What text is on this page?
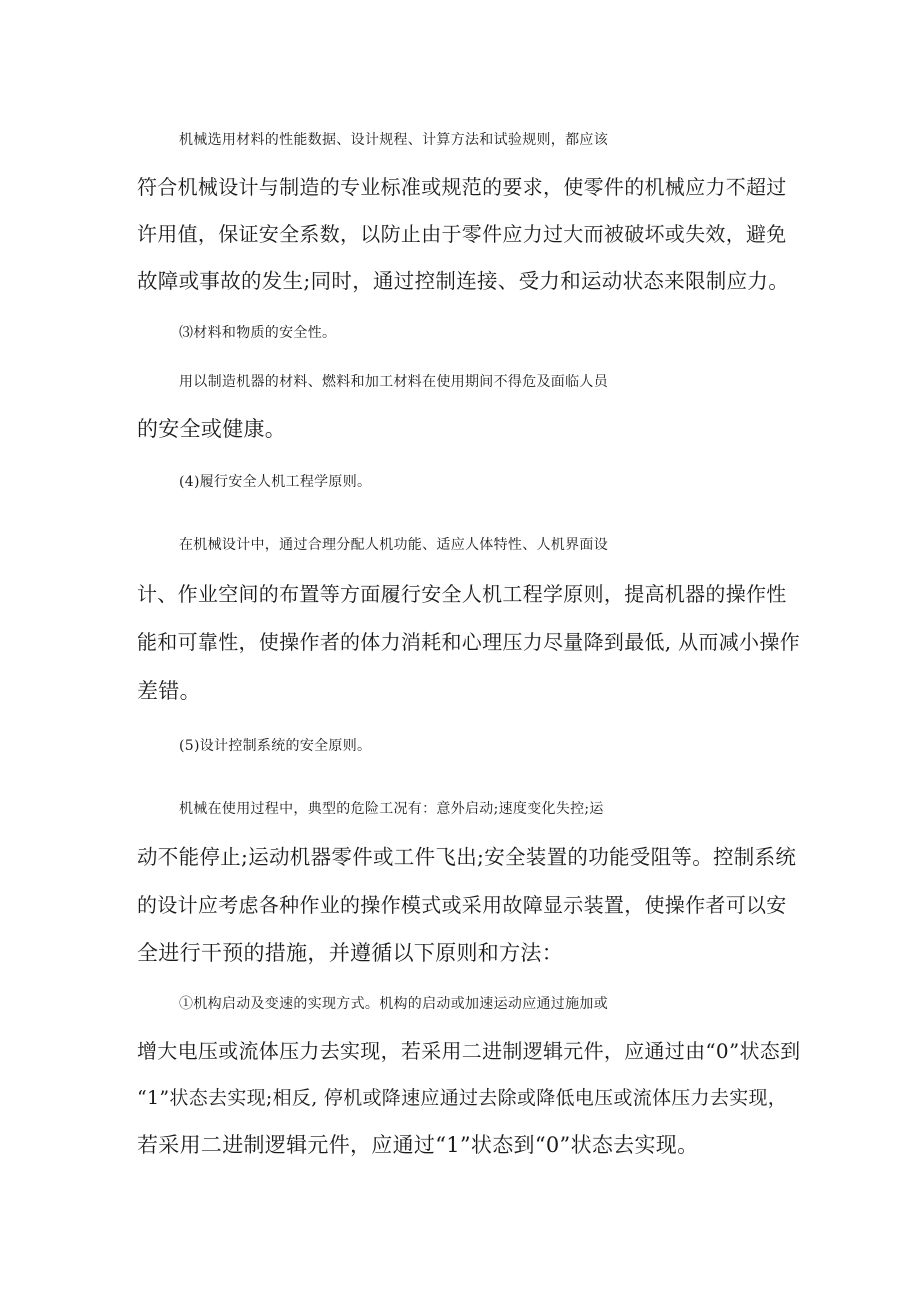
机械选用材料的性能数据、设计规程、计算方法和试验规则，都应该
符合机械设计与制造的专业标准或规范的要求，使零件的机械应力不超过
许用值，保证安全系数，以防止由于零件应力过大而被破坏或失效，避免
故障或事故的发生;同时，通过控制连接、受力和运动状态来限制应力。
⑶材料和物质的安全性。
用以制造机器的材料、燃料和加工材料在使用期间不得危及面临人员
的安全或健康。
(4)履行安全人机工程学原则。
在机械设计中，通过合理分配人机功能、适应人体特性、人机界面设
计、作业空间的布置等方面履行安全人机工程学原则，提高机器的操作性
能和可靠性，使操作者的体力消耗和心理压力尽量降到最低, 从而减小操作
差错。
(5)设计控制系统的安全原则。
机械在使用过程中，典型的危险工况有：意外启动;速度变化失控;运
动不能停止;运动机器零件或工件飞出;安全装置的功能受阻等。控制系统
的设计应考虑各种作业的操作模式或采用故障显示装置，使操作者可以安
全进行干预的措施，并遵循以下原则和方法：
①机构启动及变速的实现方式。机构的启动或加速运动应通过施加或
增大电压或流体压力去实现，若采用二进制逻辑元件，应通过由“0”状态到
“1”状态去实现;相反, 停机或降速应通过去除或降低电压或流体压力去实现，
若采用二进制逻辑元件，应通过“1”状态到“0”状态去实现。
